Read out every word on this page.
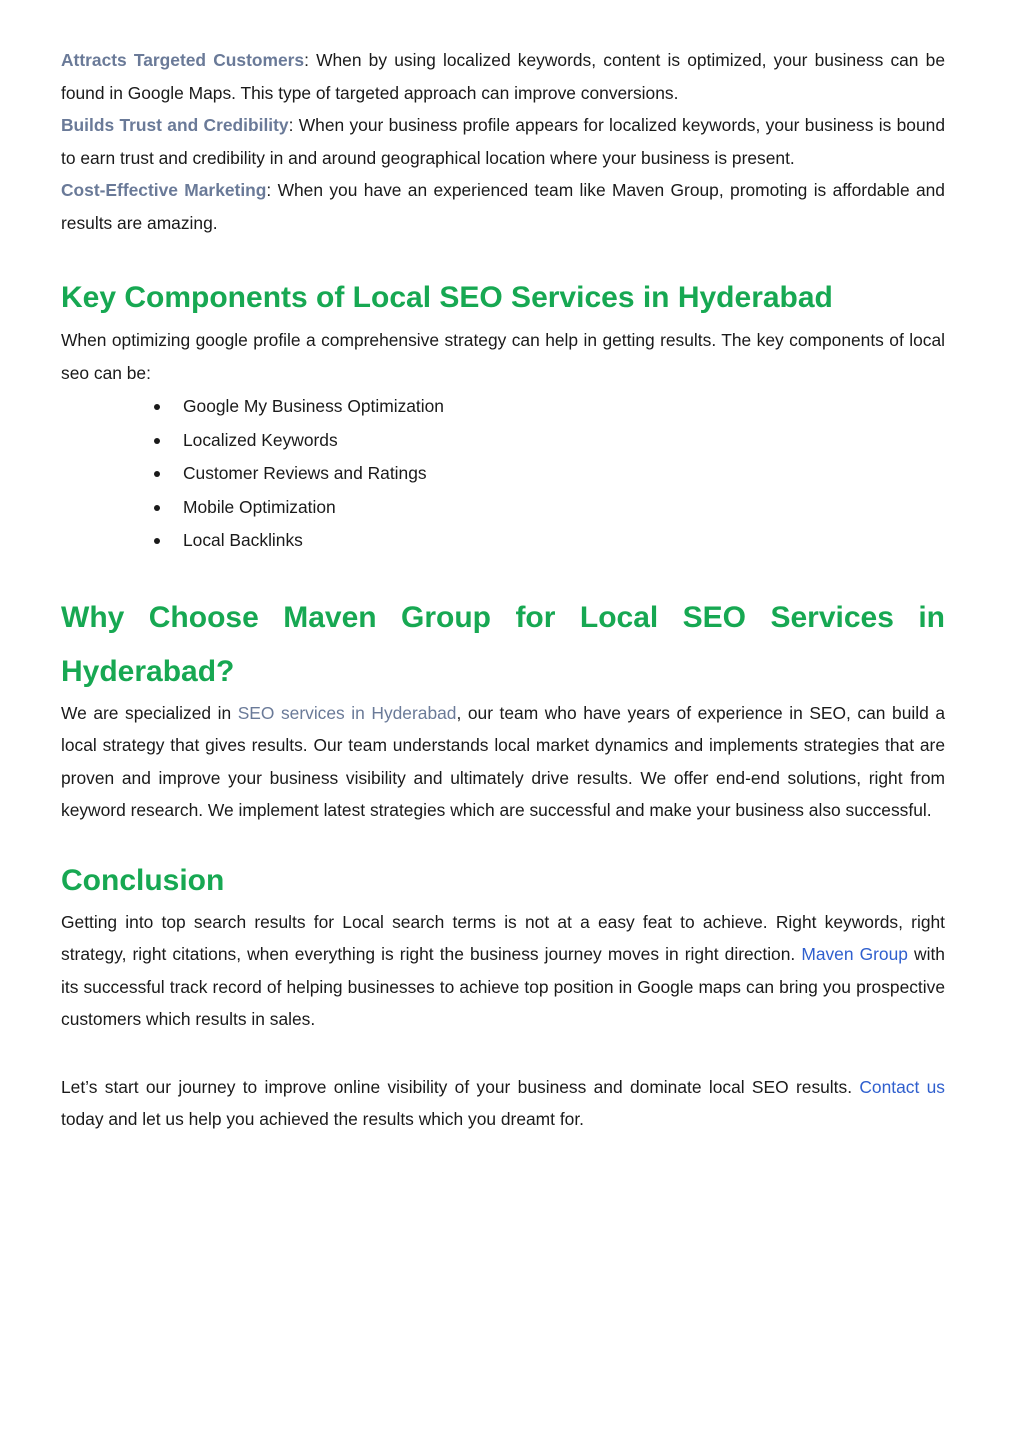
Attracts Targeted Customers: When by using localized keywords, content is optimized, your business can be found in Google Maps. This type of targeted approach can improve conversions.

Builds Trust and Credibility: When your business profile appears for localized keywords, your business is bound to earn trust and credibility in and around geographical location where your business is present.

Cost-Effective Marketing: When you have an experienced team like Maven Group, promoting is affordable and results are amazing.

Key Components of Local SEO Services in Hyderabad

When optimizing google profile a comprehensive strategy can help in getting results. The key components of local seo can be:

Google My Business Optimization
Localized Keywords
Customer Reviews and Ratings
Mobile Optimization
Local Backlinks
Why Choose Maven Group for Local SEO Services in Hyderabad?

We are specialized in SEO services in Hyderabad, our team who have years of experience in SEO, can build a local strategy that gives results. Our team understands local market dynamics and implements strategies that are proven and improve your business visibility and ultimately drive results. We offer end-end solutions, right from keyword research. We implement latest strategies which are successful and make your business also successful.

Conclusion

Getting into top search results for Local search terms is not at a easy feat to achieve. Right keywords, right strategy, right citations, when everything is right the business journey moves in right direction. Maven Group with its successful track record of helping businesses to achieve top position in Google maps can bring you prospective customers which results in sales.

Let’s start our journey to improve online visibility of your business and dominate local SEO results. Contact us today and let us help you achieved the results which you dreamt for.
